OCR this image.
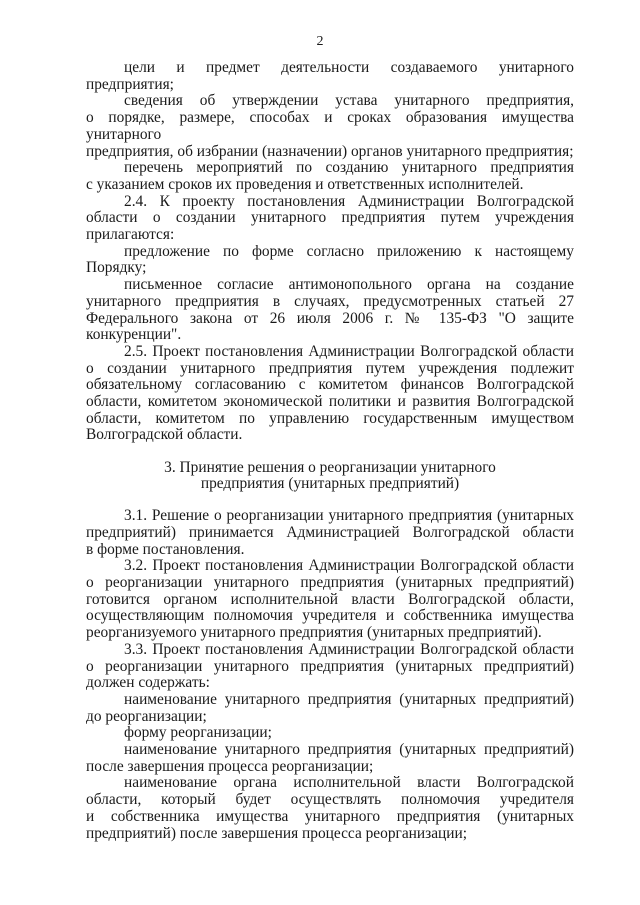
2

цели и предмет деятельности создаваемого унитарного предприятия;

сведения об утверждении устава унитарного предприятия,

о порядке, размере, способах и сроках образования имущества унитарного

предприятия, об избрании (назначении) органов унитарного предприятия;

перечень мероприятий по созданию унитарного предприятия

с указанием сроков их проведения и ответственных исполнителей.

2.4. К проекту постановления Администрации Волгоградской

области о создании унитарного предприятия путем учреждения

прилагаются:

предложение по форме согласно приложению к настоящему

Порядку;

письменное согласие антимонопольного органа на создание

унитарного предприятия в случаях, предусмотренных статьей 27

Федерального закона от 26 июля 2006 г. № 135-ФЗ "О защите

конкуренции".

2.5. Проект постановления Администрации Волгоградской области

о создании унитарного предприятия путем учреждения подлежит

обязательному согласованию с комитетом финансов Волгоградской

области, комитетом экономической политики и развития Волгоградской

области, комитетом по управлению государственным имуществом

Волгоградской области.

3. Принятие решения о реорганизации унитарного

предприятия (унитарных предприятий)

3.1. Решение о реорганизации унитарного предприятия (унитарных

предприятий) принимается Администрацией Волгоградской области

в форме постановления.

3.2. Проект постановления Администрации Волгоградской области

о реорганизации унитарного предприятия (унитарных предприятий)

готовится органом исполнительной власти Волгоградской области,

осуществляющим полномочия учредителя и собственника имущества

реорганизуемого унитарного предприятия (унитарных предприятий).

3.3. Проект постановления Администрации Волгоградской области

о реорганизации унитарного предприятия (унитарных предприятий)

должен содержать:

наименование унитарного предприятия (унитарных предприятий)

до реорганизации;

форму реорганизации;

наименование унитарного предприятия (унитарных предприятий)

после завершения процесса реорганизации;

наименование органа исполнительной власти Волгоградской

области, который будет осуществлять полномочия учредителя

и собственника имущества унитарного предприятия (унитарных

предприятий) после завершения процесса реорганизации;
